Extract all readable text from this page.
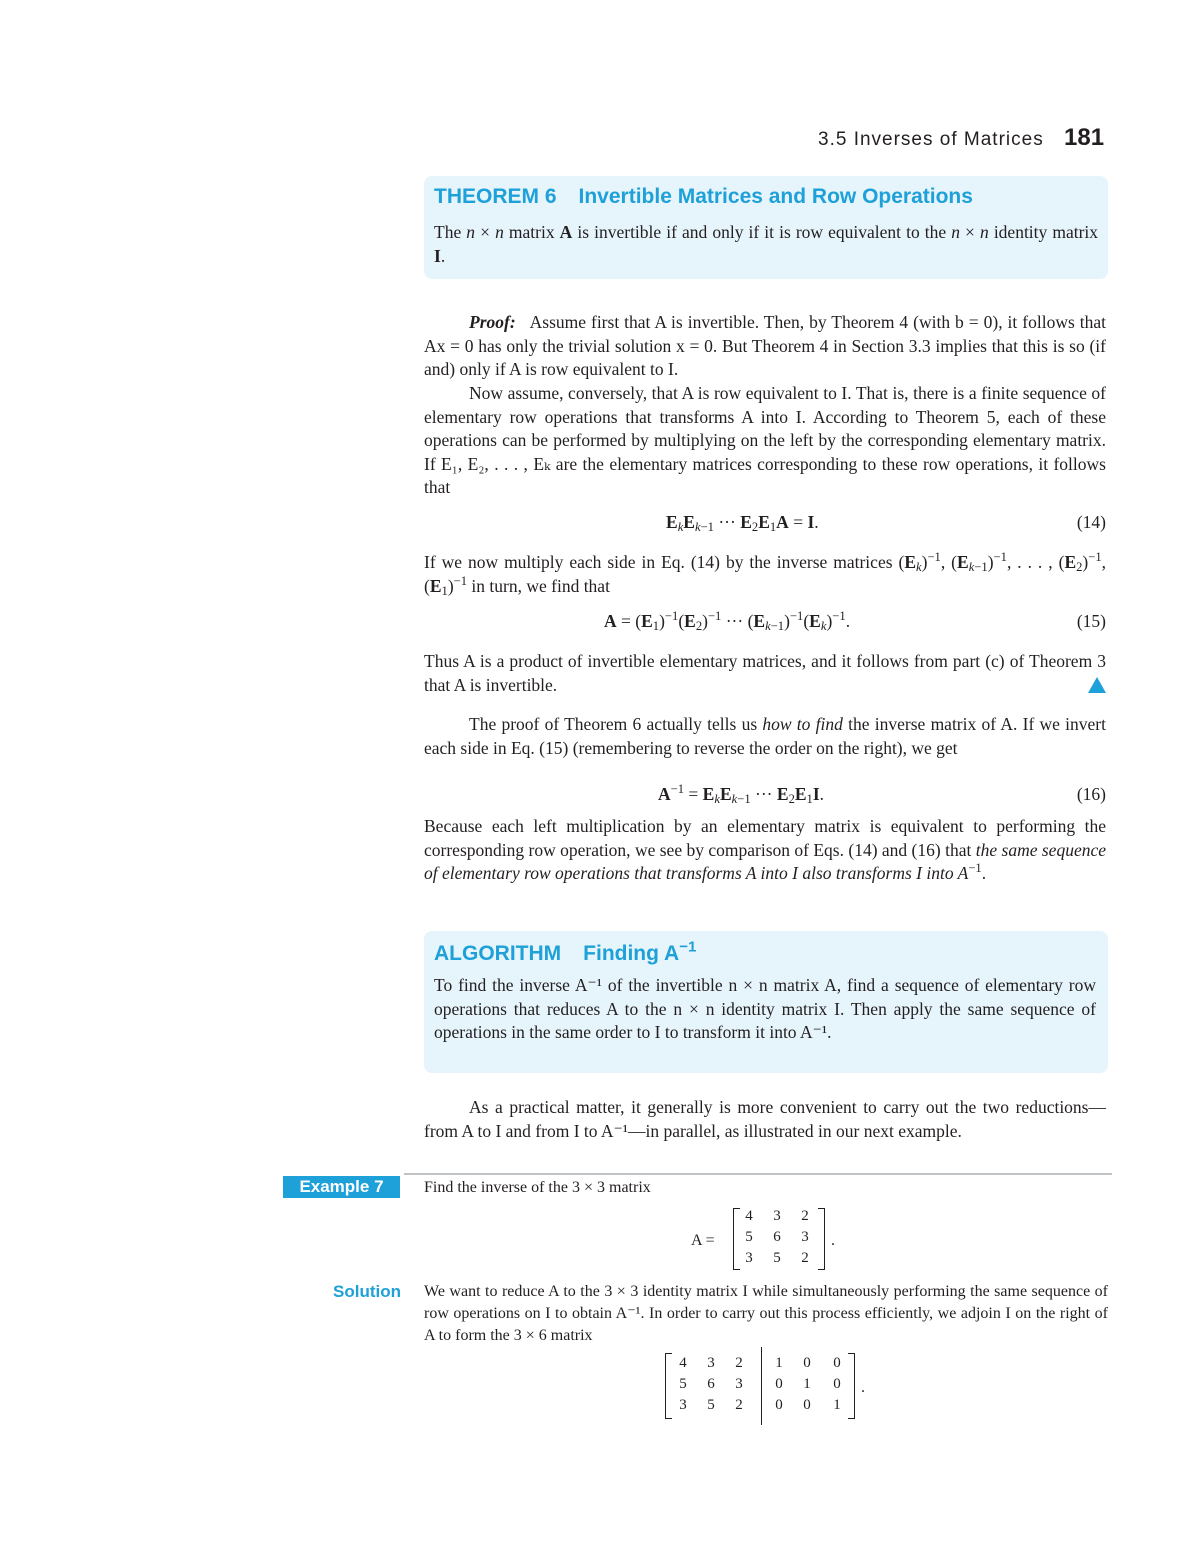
3.5 Inverses of Matrices 181
THEOREM 6 Invertible Matrices and Row Operations
The n × n matrix A is invertible if and only if it is row equivalent to the n × n identity matrix I.
Proof: Assume first that A is invertible. Then, by Theorem 4 (with b = 0), it follows that Ax = 0 has only the trivial solution x = 0. But Theorem 4 in Section 3.3 implies that this is so (if and) only if A is row equivalent to I.
Now assume, conversely, that A is row equivalent to I. That is, there is a finite sequence of elementary row operations that transforms A into I. According to Theorem 5, each of these operations can be performed by multiplying on the left by the corresponding elementary matrix. If E₁, E₂, . . . , Eₖ are the elementary matrices corresponding to these row operations, it follows that
$E_kE_{k-1}$ ··· $E_2E_1A = I$.	(14)
If we now multiply each side in Eq. (14) by the inverse matrices $(E_k)^{-1}$, $(E_{k-1})^{-1}$, . . . , $(E_2)^{-1}$, $(E_1)^{-1}$ in turn, we find that
$A = (E_1)^{-1}(E_2)^{-1}$ ··· $(E_{k-1})^{-1}(E_k)^{-1}$.	(15)
Thus A is a product of invertible elementary matrices, and it follows from part (c) of Theorem 3 that A is invertible.
The proof of Theorem 6 actually tells us how to find the inverse matrix of A. If we invert each side in Eq. (15) (remembering to reverse the order on the right), we get
$A^{-1} = E_kE_{k-1}$ ··· $E_2E_1I$.	(16)
Because each left multiplication by an elementary matrix is equivalent to performing the corresponding row operation, we see by comparison of Eqs. (14) and (16) that the same sequence of elementary row operations that transforms A into I also transforms I into $A^{-1}$.
ALGORITHM Finding $A^{-1}$
To find the inverse A⁻¹ of the invertible n × n matrix A, find a sequence of elementary row operations that reduces A to the n × n identity matrix I. Then apply the same sequence of operations in the same order to I to transform it into A⁻¹.
As a practical matter, it generally is more convenient to carry out the two reductions—from A to I and from I to A⁻¹—in parallel, as illustrated in our next example.
Example 7	Find the inverse of the 3 × 3 matrix
A =
4	3	2
5	6	3
3	5	2
.
Solution We want to reduce A to the 3 × 3 identity matrix I while simultaneously performing the same sequence of row operations on I to obtain A⁻¹. In order to carry out this process efficiently, we adjoin I on the right of A to form the 3 × 6 matrix
4	3	2	1	0	0
5	6	3	0	1	0
3	5	2	0	0	1
.
